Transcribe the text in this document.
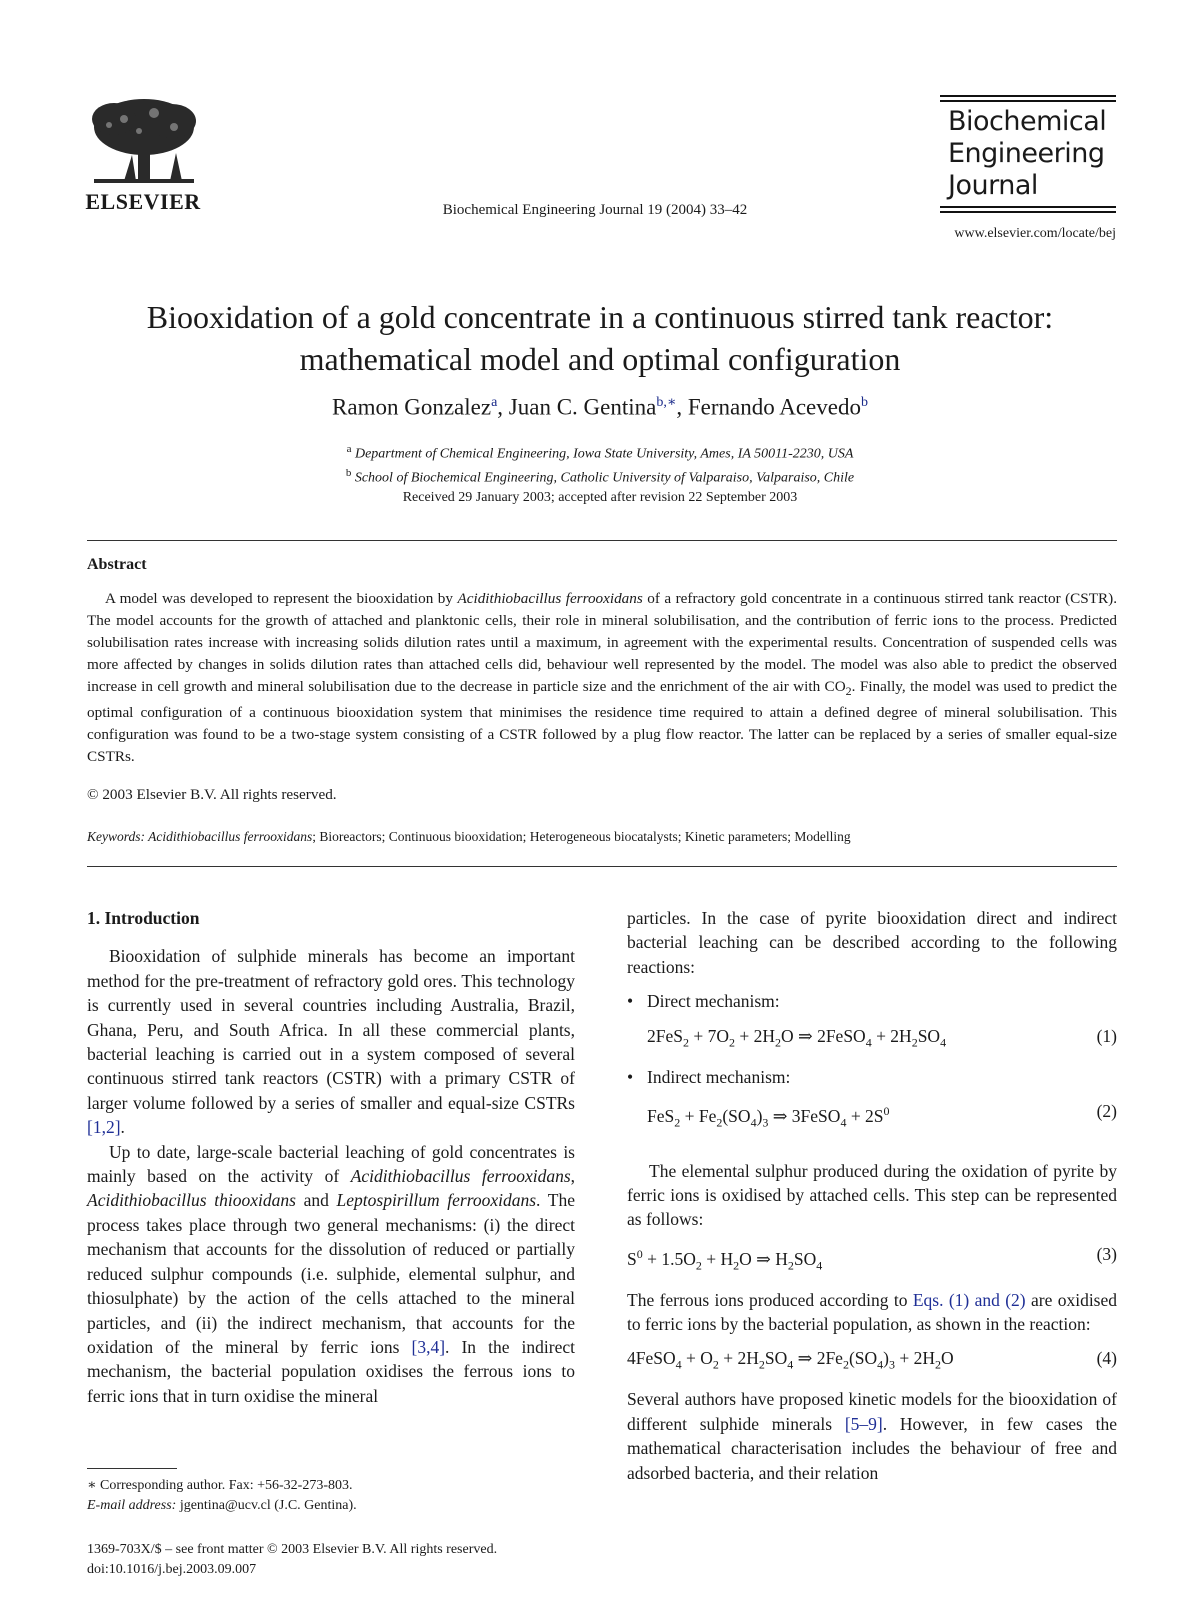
ELSEVIER	Biochemical Engineering Journal 19 (2004) 33–42
Biochemical
Engineering
Journal
www.elsevier.com/locate/bej
Biooxidation of a gold concentrate in a continuous stirred tank reactor:
mathematical model and optimal configuration
Ramon Gonzalez$^a$, Juan C. Gentina$^{b,∗}$, Fernando Acevedo$^b$
$^a$ Department of Chemical Engineering, Iowa State University, Ames, IA 50011-2230, USA
$^b$ School of Biochemical Engineering, Catholic University of Valparaiso, Valparaiso, Chile
Received 29 January 2003; accepted after revision 22 September 2003
Abstract
A model was developed to represent the biooxidation by Acidithiobacillus ferrooxidans of a refractory gold concentrate in a continuous stirred tank reactor (CSTR). The model accounts for the growth of attached and planktonic cells, their role in mineral solubilisation, and the contribution of ferric ions to the process. Predicted solubilisation rates increase with increasing solids dilution rates until a maximum, in agreement with the experimental results. Concentration of suspended cells was more affected by changes in solids dilution rates than attached cells did, behaviour well represented by the model. The model was also able to predict the observed increase in cell growth and mineral solubilisation due to the decrease in particle size and the enrichment of the air with $CO_2$. Finally, the model was used to predict the optimal configuration of a continuous biooxidation system that minimises the residence time required to attain a defined degree of mineral solubilisation. This configuration was found to be a two-stage system consisting of a CSTR followed by a plug flow reactor. The latter can be replaced by a series of smaller equal-size CSTRs.
© 2003 Elsevier B.V. All rights reserved.
Keywords: Acidithiobacillus ferrooxidans; Bioreactors; Continuous biooxidation; Heterogeneous biocatalysts; Kinetic parameters; Modelling
1. Introduction

Biooxidation of sulphide minerals has become an important method for the pre-treatment of refractory gold ores. This technology is currently used in several countries including Australia, Brazil, Ghana, Peru, and South Africa. In all these commercial plants, bacterial leaching is carried out in a system composed of several continuous stirred tank reactors (CSTR) with a primary CSTR of larger volume followed by a series of smaller and equal-size CSTRs [1,2].

Up to date, large-scale bacterial leaching of gold concentrates is mainly based on the activity of Acidithiobacillus ferrooxidans, Acidithiobacillus thiooxidans and Leptospirillum ferrooxidans. The process takes place through two general mechanisms: (i) the direct mechanism that accounts for the dissolution of reduced or partially reduced sulphur compounds (i.e. sulphide, elemental sulphur, and thiosulphate) by the action of the cells attached to the mineral particles, and (ii) the indirect mechanism, that accounts for the oxidation of the mineral by ferric ions [3,4]. In the indirect mechanism, the bacterial population oxidises the ferrous ions to ferric ions that in turn oxidise the mineral

particles. In the case of pyrite biooxidation direct and indirect bacterial leaching can be described according to the following reactions:

• Direct mechanism:
$2FeS_2 + 7O_2 + 2H_2O$ ⇒ 2FeSO$_4$ + $2H_2SO_4$	(1)
• Indirect mechanism:
$FeS_2 + Fe_2(SO_4)_3$ ⇒ 3FeSO$_4$ + $2S^0$	(2)

The elemental sulphur produced during the oxidation of pyrite by ferric ions is oxidised by attached cells. This step can be represented as follows:

$S^0 + 1.5O_2 + H_2O$ ⇒ $H_2SO_4$
(3)

The ferrous ions produced according to Eqs. (1) and (2) are oxidised to ferric ions by the bacterial population, as shown in the reaction:

4FeSO$_4$ + $O_2 + 2H_2SO_4$ ⇒ $2Fe_2(SO_4)_3 + 2H_2O$	(4)

Several authors have proposed kinetic models for the biooxidation of different sulphide minerals [5–9]. However, in few cases the mathematical characterisation includes the behaviour of free and adsorbed bacteria, and their relation

∗ Corresponding author. Fax: +56-32-273-803.
E-mail address: jgentina@ucv.cl (J.C. Gentina).
1369-703X/$ – see front matter © 2003 Elsevier B.V. All rights reserved.
doi:10.1016/j.bej.2003.09.007
